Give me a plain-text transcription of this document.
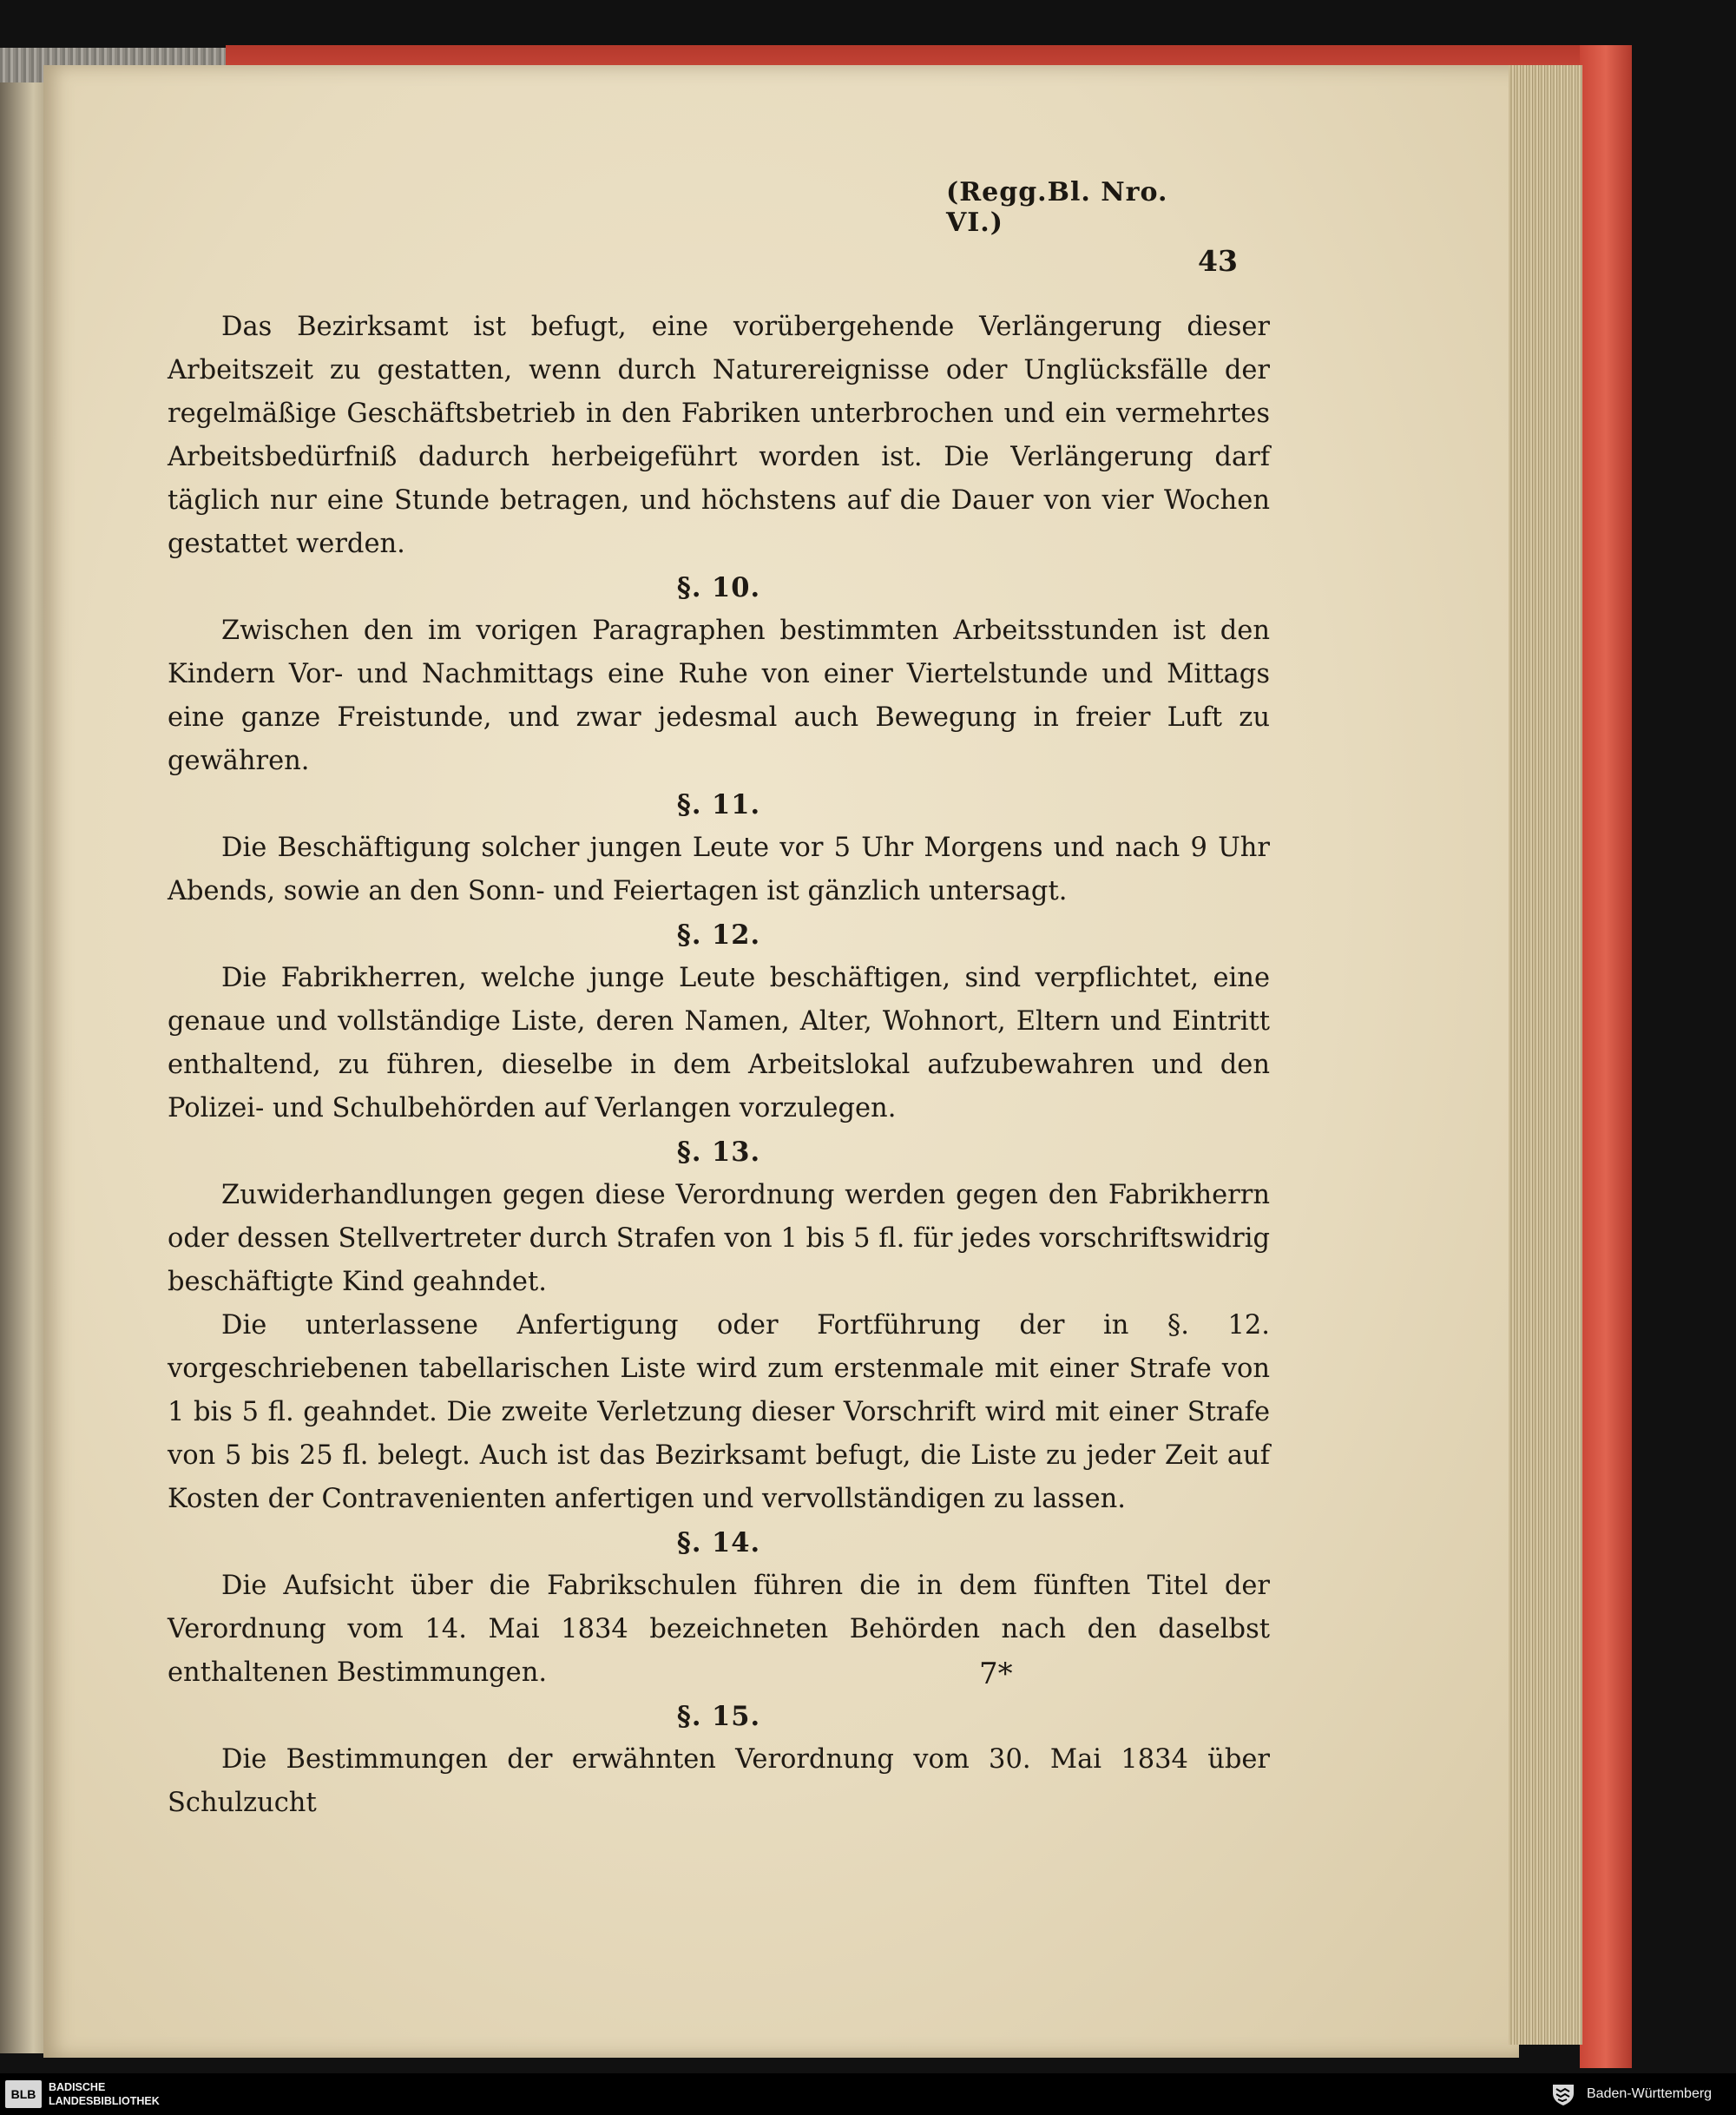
(Regg.Bl. Nro. VI.)
43

Das Bezirksamt ist befugt, eine vorübergehende Verlängerung dieser Arbeitszeit zu gestatten, wenn durch Naturereignisse oder Unglücksfälle der regelmäßige Geschäftsbetrieb in den Fabriken unterbrochen und ein vermehrtes Arbeitsbedürfniß dadurch herbeigeführt worden ist. Die Verlängerung darf täglich nur eine Stunde betragen, und höchstens auf die Dauer von vier Wochen gestattet werden.

§. 10.

Zwischen den im vorigen Paragraphen bestimmten Arbeitsstunden ist den Kindern Vor- und Nachmittags eine Ruhe von einer Viertelstunde und Mittags eine ganze Freistunde, und zwar jedesmal auch Bewegung in freier Luft zu gewähren.

§. 11.

Die Beschäftigung solcher jungen Leute vor 5 Uhr Morgens und nach 9 Uhr Abends, sowie an den Sonn- und Feiertagen ist gänzlich untersagt.

§. 12.

Die Fabrikherren, welche junge Leute beschäftigen, sind verpflichtet, eine genaue und vollständige Liste, deren Namen, Alter, Wohnort, Eltern und Eintritt enthaltend, zu führen, dieselbe in dem Arbeitslokal aufzubewahren und den Polizei- und Schulbehörden auf Verlangen vorzulegen.

§. 13.

Zuwiderhandlungen gegen diese Verordnung werden gegen den Fabrikherrn oder dessen Stellvertreter durch Strafen von 1 bis 5 fl. für jedes vorschriftswidrig beschäftigte Kind geahndet.

Die unterlassene Anfertigung oder Fortführung der in §. 12. vorgeschriebenen tabellarischen Liste wird zum erstenmale mit einer Strafe von 1 bis 5 fl. geahndet. Die zweite Verletzung dieser Vorschrift wird mit einer Strafe von 5 bis 25 fl. belegt. Auch ist das Bezirksamt befugt, die Liste zu jeder Zeit auf Kosten der Contravenienten anfertigen und vervollständigen zu lassen.

§. 14.

Die Aufsicht über die Fabrikschulen führen die in dem fünften Titel der Verordnung vom 14. Mai 1834 bezeichneten Behörden nach den daselbst enthaltenen Bestimmungen.

§. 15.

Die Bestimmungen der erwähnten Verordnung vom 30. Mai 1834 über Schulzucht

7*
BLB	BADISCHE
LANDESBIBLIOTHEK	Baden-Württemberg
